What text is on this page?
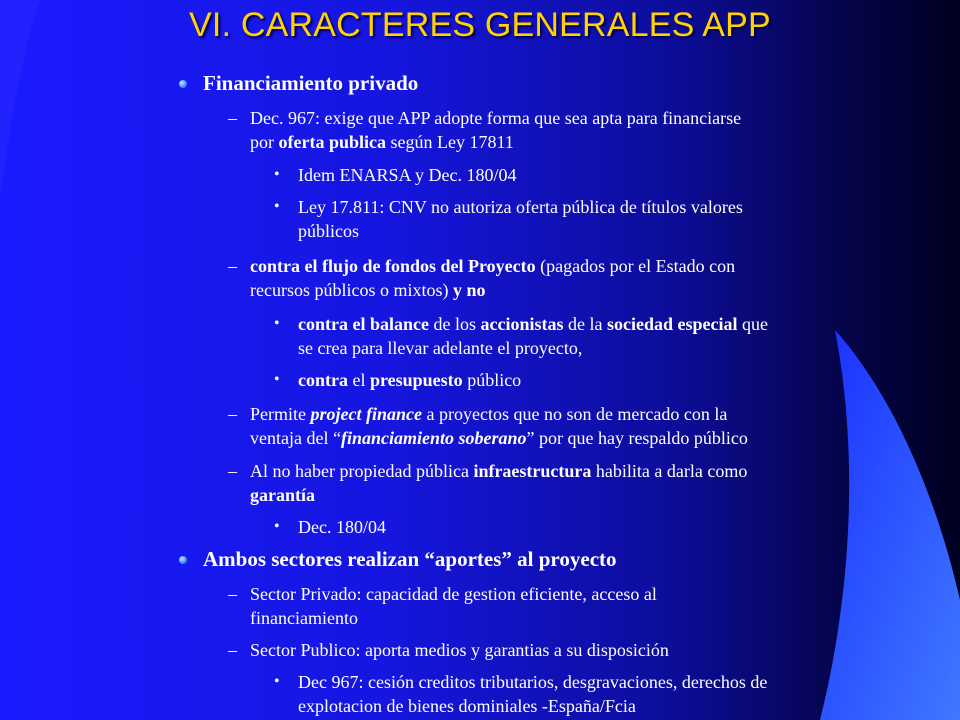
VI. CARACTERES GENERALES APP
Financiamiento privado
– Dec. 967: exige que APP adopte forma que sea apta para financiarse
por oferta publica según Ley 17811
• Idem ENARSA y Dec. 180/04
• Ley 17.811: CNV no autoriza oferta pública de títulos valores
públicos
– contra el flujo de fondos del Proyecto (pagados por el Estado con
recursos públicos o mixtos) y no
• contra el balance de los accionistas de la sociedad especial que
se crea para llevar adelante el proyecto,
• contra el presupuesto público
– Permite project finance a proyectos que no son de mercado con la
ventaja del “financiamiento soberano” por que hay respaldo público
– Al no haber propiedad pública infraestructura habilita a darla como
garantía
• Dec. 180/04
Ambos sectores realizan “aportes” al proyecto
– Sector Privado: capacidad de gestion eficiente, acceso al
financiamiento
– Sector Publico: aporta medios y garantias a su disposición
• Dec 967: cesión creditos tributarios, desgravaciones, derechos de
explotacion de bienes dominiales -España/Fcia
